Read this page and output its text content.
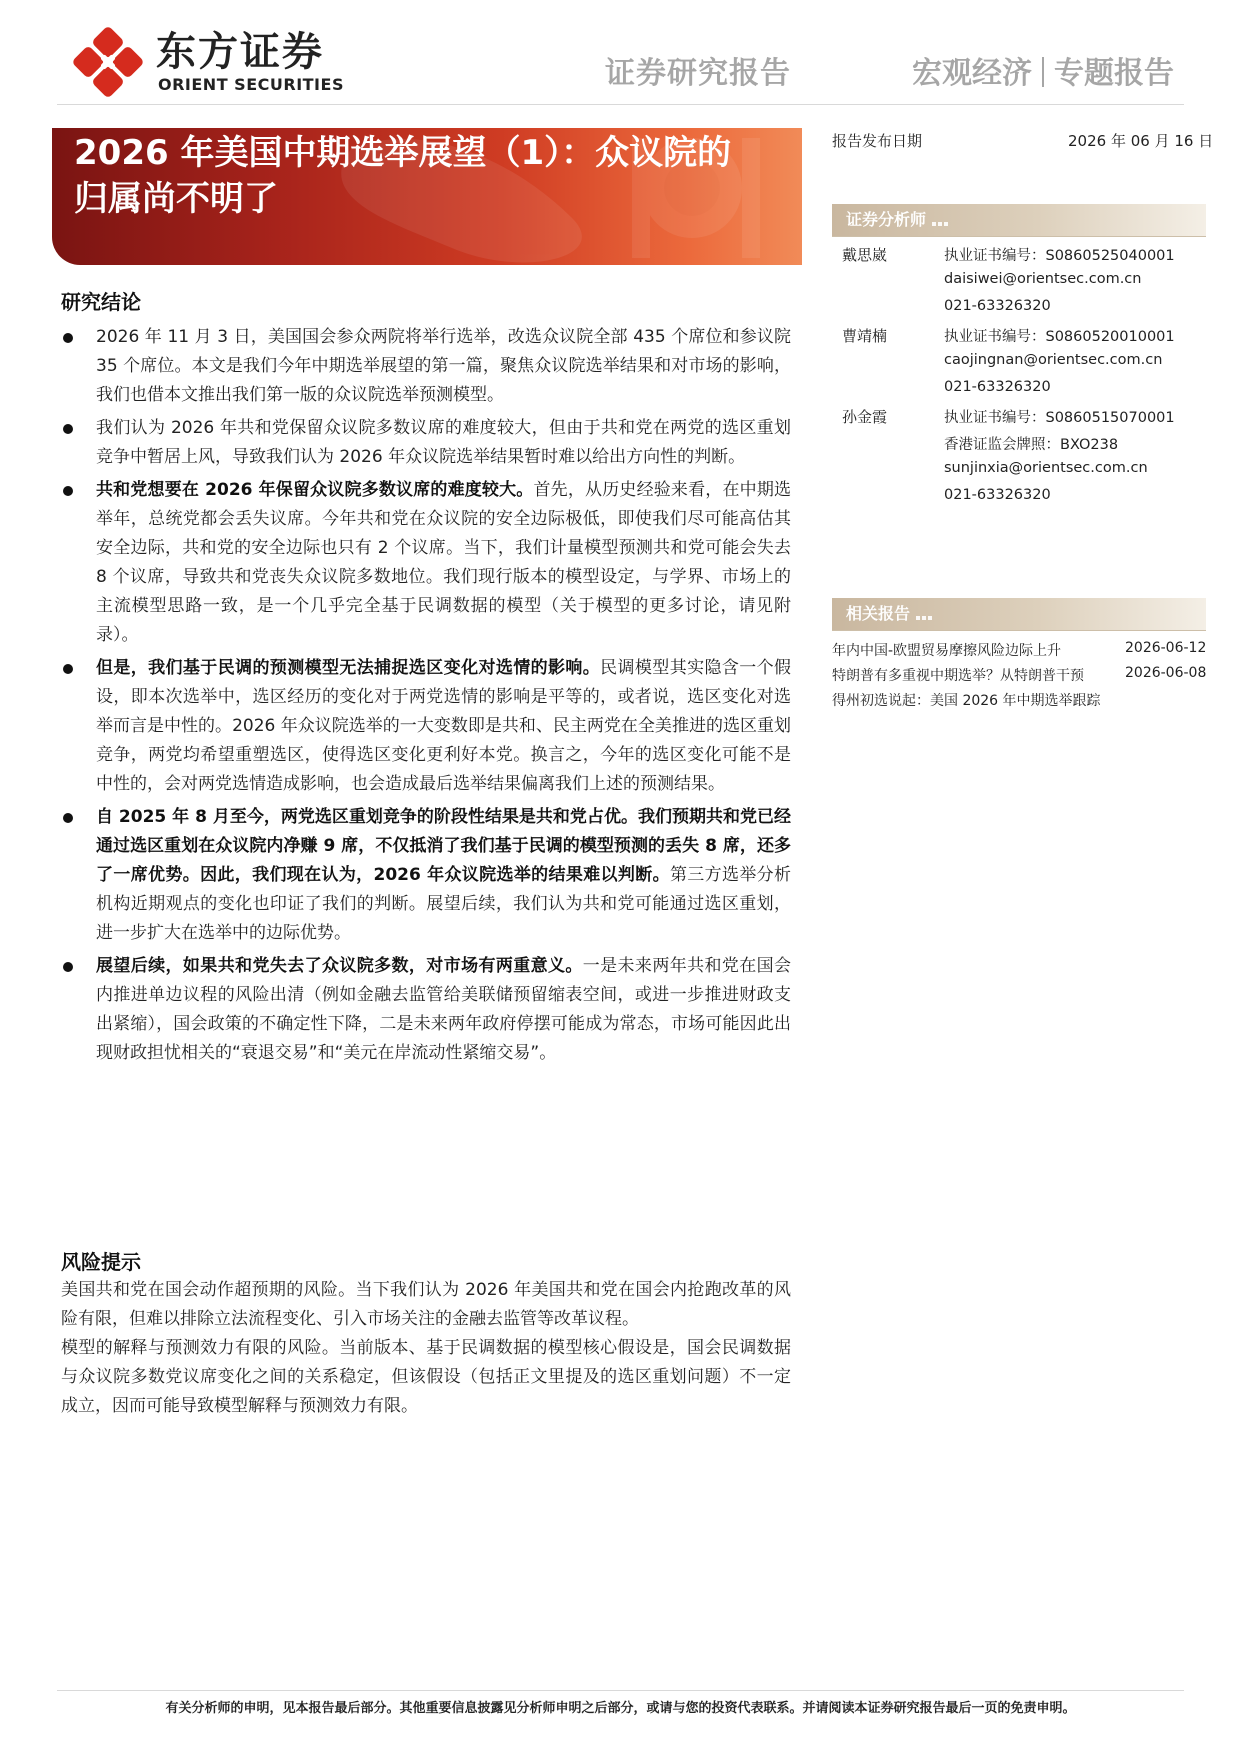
东方证券
ORIENT SECURITIES	证券研究报告	宏观经济 专题报告
2026 年美国中期选举展望（1）：众议院的
归属尚不明了
报告发布日期	2026 年 06 月 16 日
证券分析师
戴思崴	执业证书编号：S0860525040001
daisiwei@orientsec.com.cn
021-63326320
曹靖楠	执业证书编号：S0860520010001
caojingnan@orientsec.com.cn
021-63326320
孙金霞	执业证书编号：S0860515070001
香港证监会牌照：BXO238
sunjinxia@orientsec.com.cn
021-63326320
相关报告
年内中国-欧盟贸易摩擦风险边际上升	2026-06-12
特朗普有多重视中期选举？从特朗普干预	2026-06-08
得州初选说起：美国 2026 年中期选举跟踪
研究结论
2026 年 11 月 3 日，美国国会参众两院将举行选举，改选众议院全部 435 个席位和参议院 35 个席位。本文是我们今年中期选举展望的第一篇，聚焦众议院选举结果和对市场的影响，我们也借本文推出我们第一版的众议院选举预测模型。
我们认为 2026 年共和党保留众议院多数议席的难度较大，但由于共和党在两党的选区重划竞争中暂居上风，导致我们认为 2026 年众议院选举结果暂时难以给出方向性的判断。
共和党想要在 2026 年保留众议院多数议席的难度较大。首先，从历史经验来看，在中期选举年，总统党都会丢失议席。今年共和党在众议院的安全边际极低，即使我们尽可能高估其安全边际，共和党的安全边际也只有 2 个议席。当下，我们计量模型预测共和党可能会失去 8 个议席，导致共和党丧失众议院多数地位。我们现行版本的模型设定，与学界、市场上的主流模型思路一致，是一个几乎完全基于民调数据的模型（关于模型的更多讨论，请见附录）。
但是，我们基于民调的预测模型无法捕捉选区变化对选情的影响。民调模型其实隐含一个假设，即本次选举中，选区经历的变化对于两党选情的影响是平等的，或者说，选区变化对选举而言是中性的。2026 年众议院选举的一大变数即是共和、民主两党在全美推进的选区重划竞争，两党均希望重塑选区，使得选区变化更利好本党。换言之，今年的选区变化可能不是中性的，会对两党选情造成影响，也会造成最后选举结果偏离我们上述的预测结果。
自 2025 年 8 月至今，两党选区重划竞争的阶段性结果是共和党占优。我们预期共和党已经通过选区重划在众议院内净赚 9 席，不仅抵消了我们基于民调的模型预测的丢失 8 席，还多了一席优势。因此，我们现在认为，2026 年众议院选举的结果难以判断。第三方选举分析机构近期观点的变化也印证了我们的判断。展望后续，我们认为共和党可能通过选区重划，进一步扩大在选举中的边际优势。
展望后续，如果共和党失去了众议院多数，对市场有两重意义。一是未来两年共和党在国会内推进单边议程的风险出清（例如金融去监管给美联储预留缩表空间，或进一步推进财政支出紧缩），国会政策的不确定性下降，二是未来两年政府停摆可能成为常态，市场可能因此出现财政担忧相关的“衰退交易”和“美元在岸流动性紧缩交易”。
风险提示

美国共和党在国会动作超预期的风险。当下我们认为 2026 年美国共和党在国会内抢跑改革的风险有限，但难以排除立法流程变化、引入市场关注的金融去监管等改革议程。

模型的解释与预测效力有限的风险。当前版本、基于民调数据的模型核心假设是，国会民调数据与众议院多数党议席变化之间的关系稳定，但该假设（包括正文里提及的选区重划问题）不一定成立，因而可能导致模型解释与预测效力有限。

有关分析师的申明，见本报告最后部分。其他重要信息披露见分析师申明之后部分，或请与您的投资代表联系。并请阅读本证券研究报告最后一页的免责申明。
